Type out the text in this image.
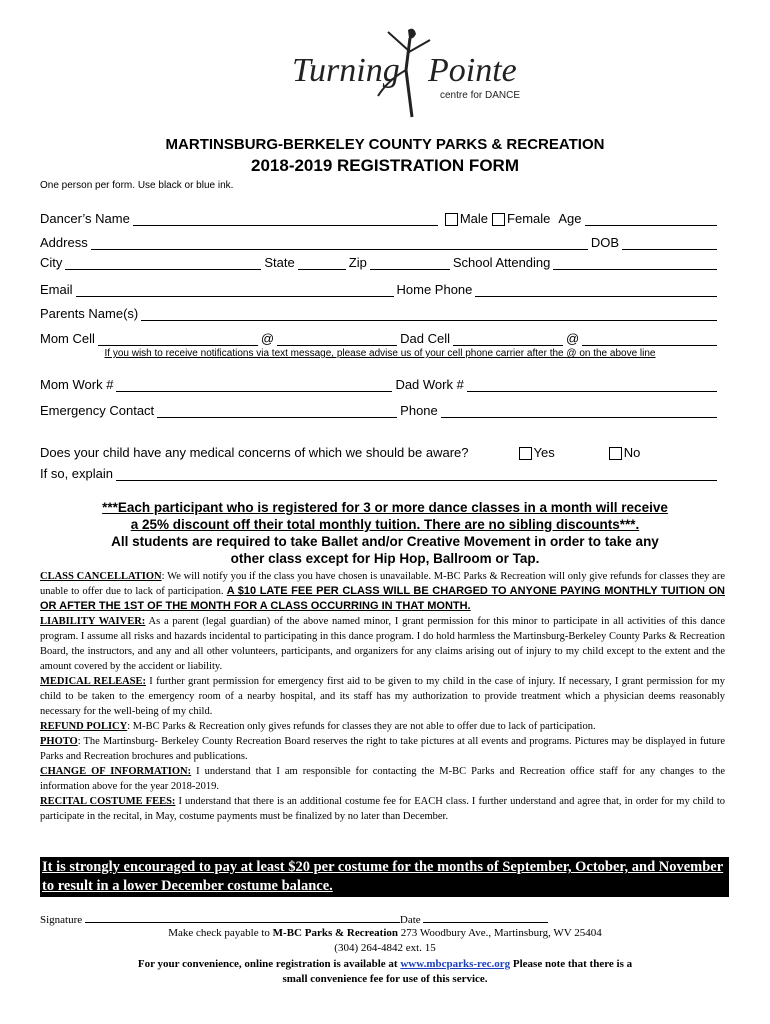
Turning Pointe
centre for DANCE
MARTINSBURG-BERKELEY COUNTY PARKS & RECREATION
2018-2019 REGISTRATION FORM
One person per form. Use black or blue ink.
Dancer’s Name	Male Female Age
Address	DOB
City	State	Zip	School Attending
Email	Home Phone
Parents Name(s)
Mom Cell	@	Dad Cell	@
If you wish to receive notifications via text message, please advise us of your cell phone carrier after the @ on the above line
Mom Work #	Dad Work #
Emergency Contact	Phone
Does your child have any medical concerns of which we should be aware?	Yes	No
If so, explain
***Each participant who is registered for 3 or more dance classes in a month will receive
a 25% discount off their total monthly tuition. There are no sibling discounts***.
All students are required to take Ballet and/or Creative Movement in order to take any
other class except for Hip Hop, Ballroom or Tap.
CLASS CANCELLATION: We will notify you if the class you have chosen is unavailable. M-BC Parks & Recreation will only give refunds for classes they are unable to offer due to lack of participation. A $10 LATE FEE PER CLASS WILL BE CHARGED TO ANYONE PAYING MONTHLY TUITION ON OR AFTER THE 1ST OF THE MONTH FOR A CLASS OCCURRING IN THAT MONTH.
LIABILITY WAIVER: As a parent (legal guardian) of the above named minor, I grant permission for this minor to participate in all activities of this dance program. I assume all risks and hazards incidental to participating in this dance program. I do hold harmless the Martinsburg-Berkeley County Parks & Recreation Board, the instructors, and any and all other volunteers, participants, and organizers for any claims arising out of injury to my child except to the extent and the amount covered by the accident or liability.
MEDICAL RELEASE: I further grant permission for emergency first aid to be given to my child in the case of injury. If necessary, I grant permission for my child to be taken to the emergency room of a nearby hospital, and its staff has my authorization to provide treatment which a physician deems reasonably necessary for the well-being of my child.
REFUND POLICY: M-BC Parks & Recreation only gives refunds for classes they are not able to offer due to lack of participation.
PHOTO: The Martinsburg- Berkeley County Recreation Board reserves the right to take pictures at all events and programs. Pictures may be displayed in future Parks and Recreation brochures and publications.
CHANGE OF INFORMATION: I understand that I am responsible for contacting the M-BC Parks and Recreation office staff for any changes to the information above for the year 2018-2019.
RECITAL COSTUME FEES: I understand that there is an additional costume fee for EACH class. I further understand and agree that, in order for my child to participate in the recital, in May, costume payments must be finalized by no later than December.
It is strongly encouraged to pay at least $20 per costume for the months of September, October, and November to result in a lower December costume balance.
Signature	Date
Make check payable to M-BC Parks & Recreation 273 Woodbury Ave., Martinsburg, WV 25404
(304) 264-4842 ext. 15
For your convenience, online registration is available at www.mbcparks-rec.org Please note that there is a
small convenience fee for use of this service.
